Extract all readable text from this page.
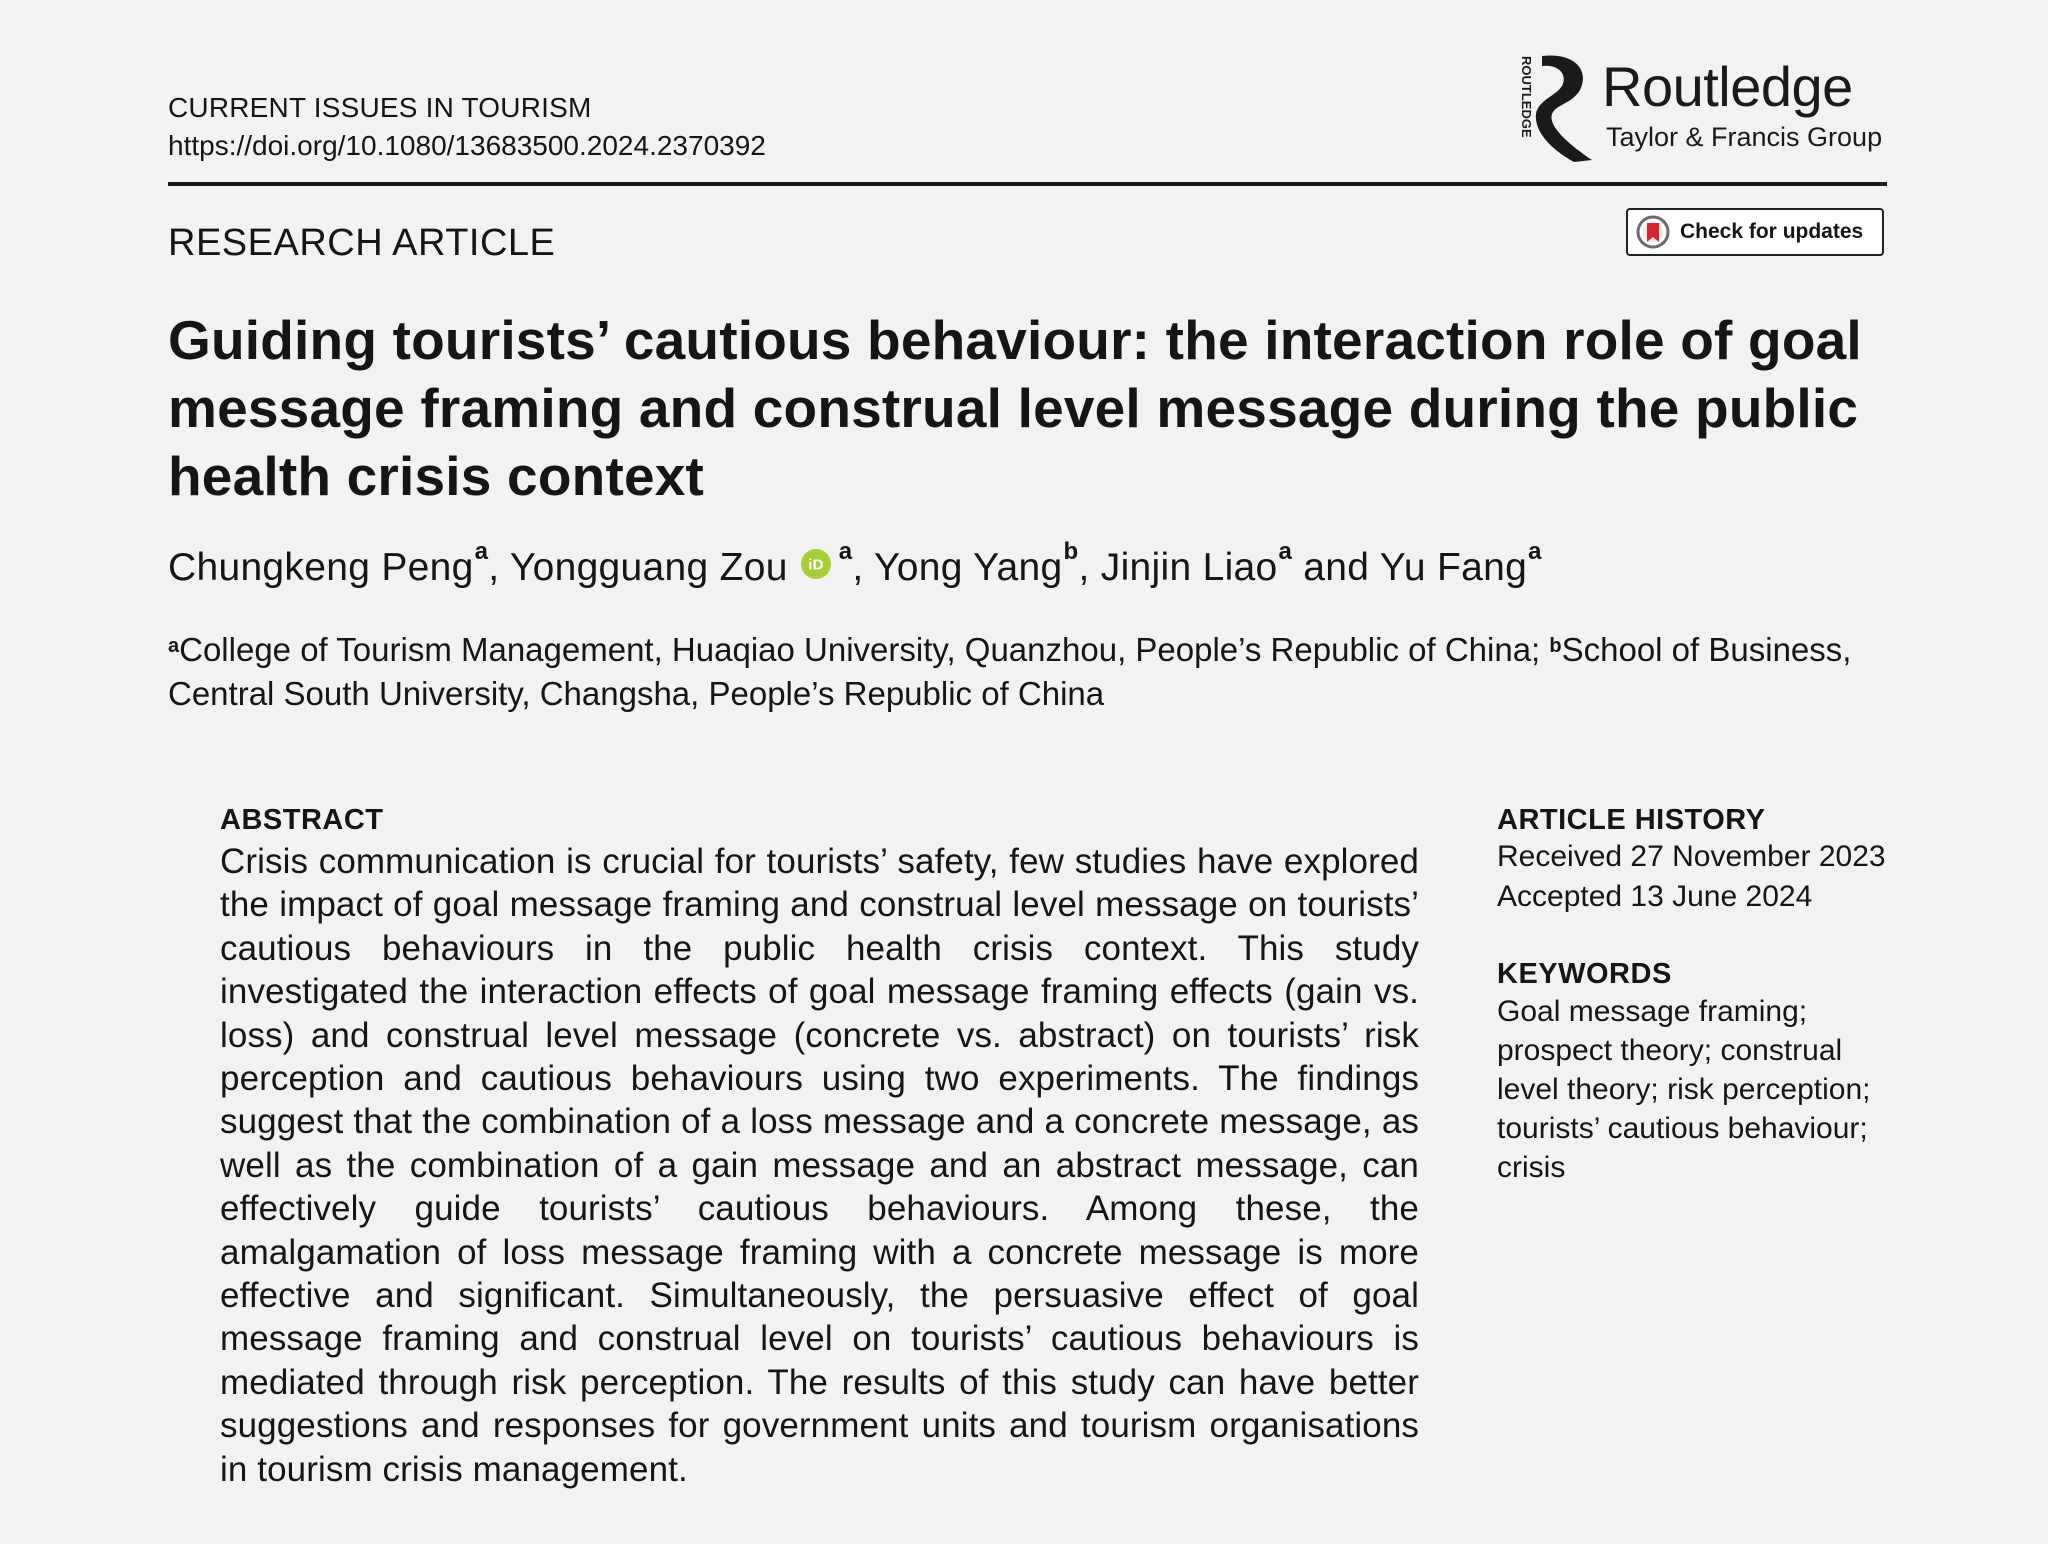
CURRENT ISSUES IN TOURISM
https://doi.org/10.1080/13683500.2024.2370392
ROUTLEDGE Routledge
Taylor & Francis Group
RESEARCH ARTICLE	Check for updates
Guiding tourists’ cautious behaviour: the interaction role of goal message framing and construal level message during the public health crisis context
Chungkeng Peng$^a$, Yongguang Zou iD $^a$, Yong Yang$^b$, Jinjin Liao$^a$ and Yu Fang$^a$
$^a$College of Tourism Management, Huaqiao University, Quanzhou, People’s Republic of China; $^b$School of Business, Central South University, Changsha, People’s Republic of China
ABSTRACT
Crisis communication is crucial for tourists’ safety, few studies have explored the impact of goal message framing and construal level message on tourists’ cautious behaviours in the public health crisis context. This study investigated the interaction effects of goal message framing effects (gain vs. loss) and construal level message (concrete vs. abstract) on tourists’ risk perception and cautious behaviours using two experiments. The findings suggest that the combination of a loss message and a concrete message, as well as the combination of a gain message and an abstract message, can effectively guide tourists’ cautious behaviours. Among these, the amalgamation of loss message framing with a concrete message is more effective and significant. Simultaneously, the persuasive effect of goal message framing and construal level on tourists’ cautious behaviours is mediated through risk perception. The results of this study can have better suggestions and responses for government units and tourism organisations in tourism crisis management.
ARTICLE HISTORY
Received 27 November 2023
Accepted 13 June 2024
KEYWORDS
Goal message framing; prospect theory; construal level theory; risk perception; tourists’ cautious behaviour; crisis
